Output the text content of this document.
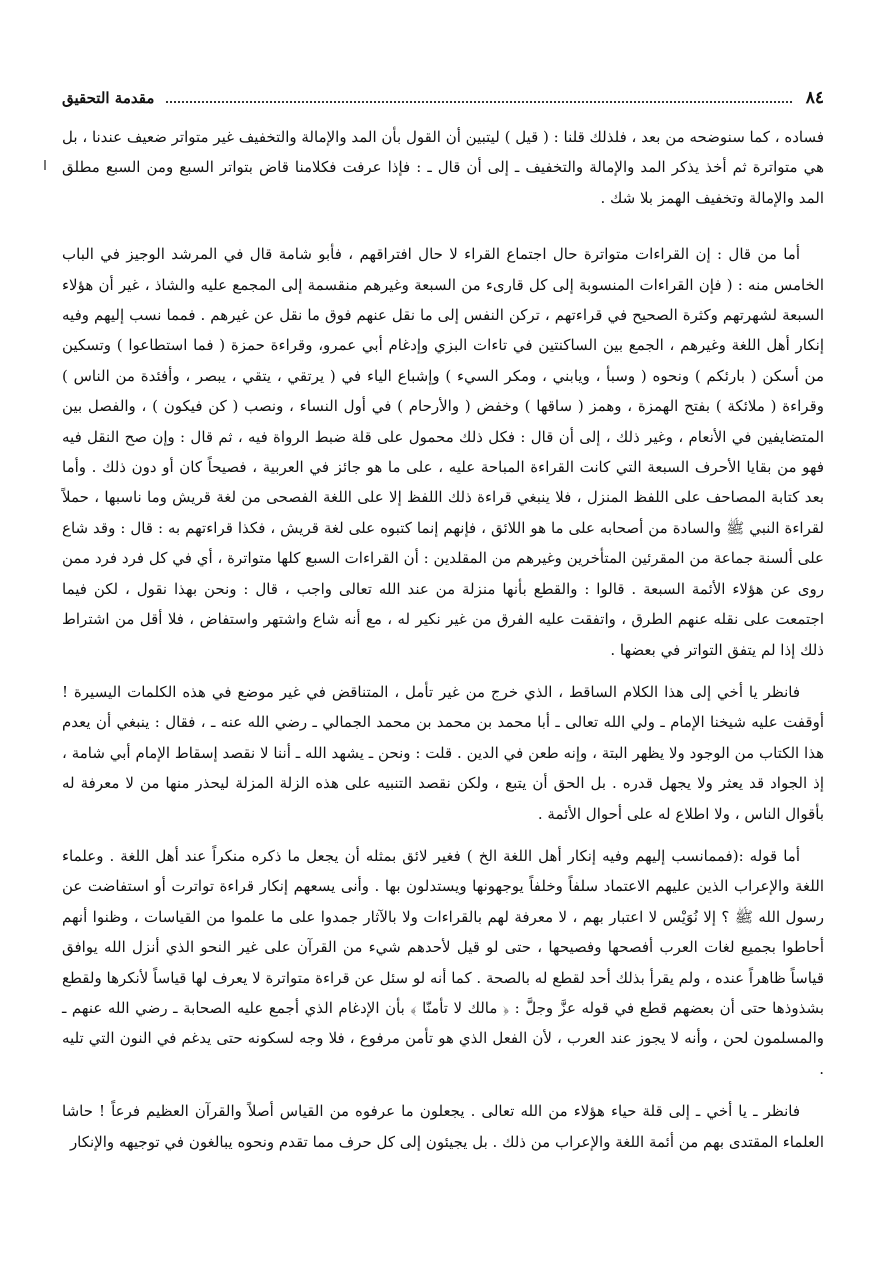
٨٤
مقدمة التحقيق

فساده ، كما سنوضحه من بعد ، فلذلك قلنا : ( قيل ) ليتبين أن القول بأن المد والإمالة والتخفيف غير متواتر ضعيف عندنا ، بل هي متواترة ثم أخذ يذكر المد والإمالة والتخفيف ـ إلى أن قال ـ : فإذا عرفت فكلامنا قاض بتواتر السبع ومن السبع مطلق المد والإمالة وتخفيف الهمز بلا شك .

أما من قال : إن القراءات متواترة حال اجتماع القراء لا حال افتراقهم ، فأبو شامة قال في المرشد الوجيز في الباب الخامس منه : ( فإن القراءات المنسوبة إلى كل قارىء من السبعة وغيرهم منقسمة إلى المجمع عليه والشاذ ، غير أن هؤلاء السبعة لشهرتهم وكثرة الصحيح في قراءتهم ، تركن النفس إلى ما نقل عنهم فوق ما نقل عن غيرهم . فمما نسب إليهم وفيه إنكار أهل اللغة وغيرهم ، الجمع بين الساكنتين في تاءات البزي وإدغام أبي عمرو، وقراءة حمزة ( فما استطاعوا ) وتسكين من أسكن ( بارئكم ) ونحوه ( وسبأ ، ويابني ، ومكر السيء ) وإشباع الياء في ( يرتقي ، يتقي ، يبصر ، وأفئدة من الناس ) وقراءة ( ملائكة ) بفتح الهمزة ، وهمز ( ساقها ) وخفض ( والأرحام ) في أول النساء ، ونصب ( كن فيكون ) ، والفصل بين المتضايفين في الأنعام ، وغير ذلك ، إلى أن قال : فكل ذلك محمول على قلة ضبط الرواة فيه ، ثم قال : وإن صح النقل فيه فهو من بقايا الأحرف السبعة التي كانت القراءة المباحة عليه ، على ما هو جائز في العربية ، فصيحاً كان أو دون ذلك . وأما بعد كتابة المصاحف على اللفظ المنزل ، فلا ينبغي قراءة ذلك اللفظ إلا على اللغة الفصحى من لغة قريش وما ناسبها ، حملاً لقراءة النبي ﷺ والسادة من أصحابه على ما هو اللائق ، فإنهم إنما كتبوه على لغة قريش ، فكذا قراءتهم به : قال : وقد شاع على ألسنة جماعة من المقرئين المتأخرين وغيرهم من المقلدين : أن القراءات السبع كلها متواترة ، أي في كل فرد فرد ممن روى عن هؤلاء الأئمة السبعة . قالوا : والقطع بأنها منزلة من عند الله تعالى واجب ، قال : ونحن بهذا نقول ، لكن فيما اجتمعت على نقله عنهم الطرق ، واتفقت عليه الفرق من غير نكير له ، مع أنه شاع واشتهر واستفاض ، فلا أقل من اشتراط ذلك إذا لم يتفق التواتر في بعضها .

فانظر يا أخي إلى هذا الكلام الساقط ، الذي خرج من غير تأمل ، المتناقض في غير موضع في هذه الكلمات اليسيرة ! أوقفت عليه شيخنا الإمام ـ ولي الله تعالى ـ أبا محمد بن محمد بن محمد الجمالي ـ رضي الله عنه ـ ، فقال : ينبغي أن يعدم هذا الكتاب من الوجود ولا يظهر البتة ، وإنه طعن في الدين . قلت : ونحن ـ يشهد الله ـ أننا لا نقصد إسقاط الإمام أبي شامة ، إذ الجواد قد يعثر ولا يجهل قدره . بل الحق أن يتبع ، ولكن نقصد التنبيه على هذه الزلة المزلة ليحذر منها من لا معرفة له بأقوال الناس ، ولا اطلاع له على أحوال الأئمة .

أما قوله :(فممانسب إليهم وفيه إنكار أهل اللغة الخ ) فغير لائق بمثله أن يجعل ما ذكره منكراً عند أهل اللغة . وعلماء اللغة والإعراب الذين عليهم الاعتماد سلفاً وخلفاً يوجهونها ويستدلون بها . وأنى يسعهم إنكار قراءة تواترت أو استفاضت عن رسول الله ﷺ ؟ إلا نُوَيْس لا اعتبار بهم ، لا معرفة لهم بالقراءات ولا بالآثار جمدوا على ما علموا من القياسات ، وظنوا أنهم أحاطوا بجميع لغات العرب أفصحها وفصيحها ، حتى لو قيل لأحدهم شيء من القرآن على غير النحو الذي أنزل الله يوافق قياساً ظاهراً عنده ، ولم يقرأ بذلك أحد لقطع له بالصحة . كما أنه لو سئل عن قراءة متواترة لا يعرف لها قياساً لأنكرها ولقطع بشذوذها حتى أن بعضهم قطع في قوله عزَّ وجلَّ : ﴿ مالك لا تأمنّا ﴾ بأن الإدغام الذي أجمع عليه الصحابة ـ رضي الله عنهم ـ والمسلمون لحن ، وأنه لا يجوز عند العرب ، لأن الفعل الذي هو تأمن مرفوع ، فلا وجه لسكونه حتى يدغم في النون التي تليه .

فانظر ـ يا أخي ـ إلى قلة حياء هؤلاء من الله تعالى . يجعلون ما عرفوه من القياس أصلاً والقرآن العظيم فرعاً ! حاشا العلماء المقتدى بهم من أئمة اللغة والإعراب من ذلك . بل يجيئون إلى كل حرف مما تقدم ونحوه يبالغون في توجيهه والإنكار
